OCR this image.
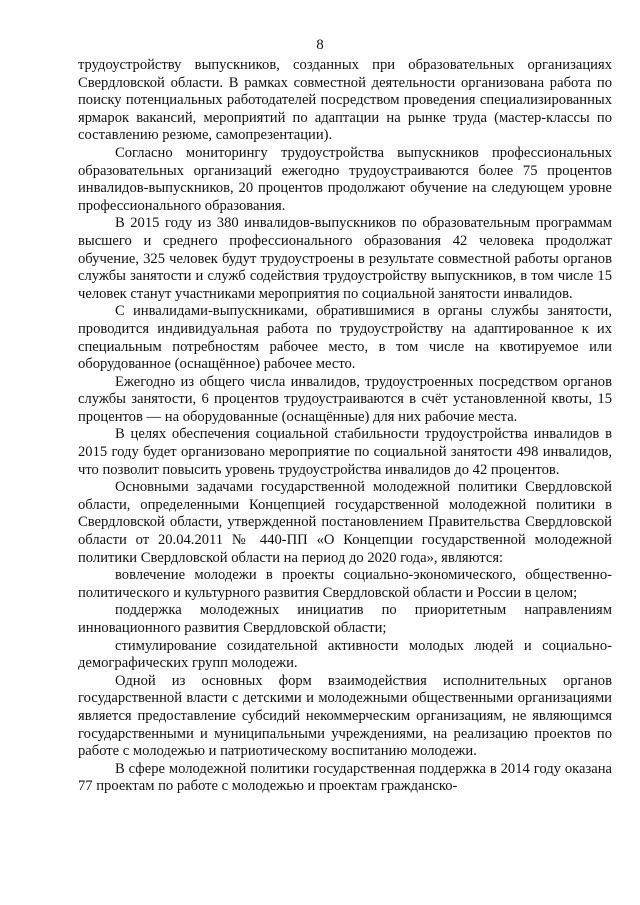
8

трудоустройству выпускников, созданных при образовательных организациях Свердловской области. В рамках совместной деятельности организована работа по поиску потенциальных работодателей посредством проведения специализированных ярмарок вакансий, мероприятий по адаптации на рынке труда (мастер-классы по составлению резюме, самопрезентации).

Согласно мониторингу трудоустройства выпускников профессиональных образовательных организаций ежегодно трудоустраиваются более 75 процентов инвалидов-выпускников, 20 процентов продолжают обучение на следующем уровне профессионального образования.

В 2015 году из 380 инвалидов-выпускников по образовательным программам высшего и среднего профессионального образования 42 человека продолжат обучение, 325 человек будут трудоустроены в результате совместной работы органов службы занятости и служб содействия трудоустройству выпускников, в том числе 15 человек станут участниками мероприятия по социальной занятости инвалидов.

С инвалидами-выпускниками, обратившимися в органы службы занятости, проводится индивидуальная работа по трудоустройству на адаптированное к их специальным потребностям рабочее место, в том числе на квотируемое или оборудованное (оснащённое) рабочее место.

Ежегодно из общего числа инвалидов, трудоустроенных посредством органов службы занятости, 6 процентов трудоустраиваются в счёт установленной квоты, 15 процентов — на оборудованные (оснащённые) для них рабочие места.

В целях обеспечения социальной стабильности трудоустройства инвалидов в 2015 году будет организовано мероприятие по социальной занятости 498 инвалидов, что позволит повысить уровень трудоустройства инвалидов до 42 процентов.

Основными задачами государственной молодежной политики Свердловской области, определенными Концепцией государственной молодежной политики в Свердловской области, утвержденной постановлением Правительства Свердловской области от 20.04.2011 № 440-ПП «О Концепции государственной молодежной политики Свердловской области на период до 2020 года», являются:

вовлечение молодежи в проекты социально-экономического, общественно-политического и культурного развития Свердловской области и России в целом;

поддержка молодежных инициатив по приоритетным направлениям инновационного развития Свердловской области;

стимулирование созидательной активности молодых людей и социально-демографических групп молодежи.

Одной из основных форм взаимодействия исполнительных органов государственной власти с детскими и молодежными общественными организациями является предоставление субсидий некоммерческим организациям, не являющимся государственными и муниципальными учреждениями, на реализацию проектов по работе с молодежью и патриотическому воспитанию молодежи.

В сфере молодежной политики государственная поддержка в 2014 году оказана 77 проектам по работе с молодежью и проектам гражданско-
